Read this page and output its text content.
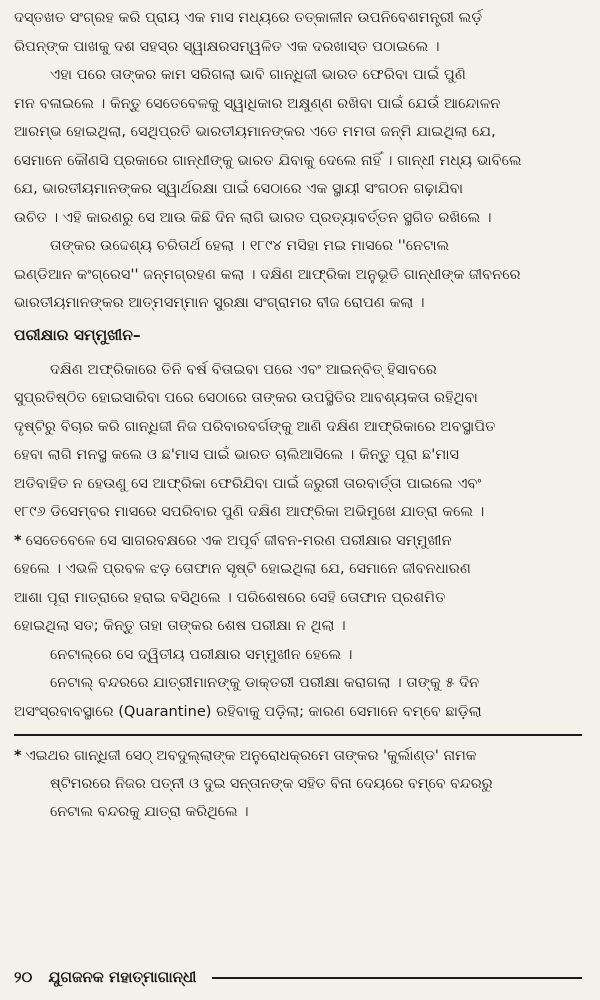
ଦସ୍ତଖତ ସଂଗ୍ରହ କରି ପ୍ରାୟ ଏକ ମାସ ମଧ୍ୟରେ ତତ୍‌କାଳୀନ ଉପନିବେଶମନ୍ତ୍ରୀ ଲର୍ଡ଼
ରିପନ୍‌ଙ୍କ ପାଖକୁ ଦଶ ସହସ୍ର ସ୍ୱାକ୍ଷରସମ୍ୱଳିତ ଏକ ଦରଖାସ୍ତ ପଠାଇଲେ ।
ଏହା ପରେ ତାଙ୍କର କାମ ସରିଗଲା ଭାବି ଗାନ୍ଧିଜୀ ଭାରତ ଫେରିବା ପାଇଁ ପୁଣି
ମନ ବଳାଇଲେ । କିନ୍ତୁ ସେତେବେଳକୁ ସ୍ୱାଧିକାର ଅକ୍ଷୁଣ୍ଣ ରଖିବା ପାଇଁ ଯେଉଁ ଆନ୍ଦୋଳନ
ଆରମ୍ଭ ହୋଇଥିଲା, ସେଥିପ୍ରତି ଭାରତୀୟମାନଙ୍କର ଏତେ ମମତା ଜନ୍ମି ଯାଇଥିଲା ଯେ,
ସେମାନେ କୌଣସି ପ୍ରକାରେ ଗାନ୍ଧୀଙ୍କୁ ଭାରତ ଯିବାକୁ ଦେଲେ ନାହିଁ । ଗାନ୍ଧୀ ମଧ୍ୟ ଭାବିଲେ
ଯେ, ଭାରତୀୟମାନଙ୍କର ସ୍ୱାର୍ଥରକ୍ଷା ପାଇଁ ସେଠାରେ ଏକ ସ୍ଥାୟୀ ସଂଗଠନ ଗଢ଼ାଯିବା
ଉଚିତ । ଏହି କାରଣରୁ ସେ ଆଉ କିଛି ଦିନ ଲାଗି ଭାରତ ପ୍ରତ୍ୟାବର୍ତ୍ତନ ସ୍ଥଗିତ ରଖିଲେ ।
ତାଙ୍କର ଉଦ୍ଦେଶ୍ୟ ଚରିତାର୍ଥ ହେଲା । ୧୮୯୪ ମସିହା ମଇ ମାସରେ ''ନେଟାଲ
ଇଣ୍ଡିଆନ କଂଗ୍ରେସ'' ଜନ୍ମଗ୍ରହଣ କଲା । ଦକ୍ଷିଣ ଆଫ୍ରିକା ଅନୁଭୂତି ଗାନ୍ଧୀଙ୍କ ଜୀବନରେ
ଭାରତୀୟମାନଙ୍କର ଆତ୍ମସମ୍ମାନ ସୁରକ୍ଷା ସଂଗ୍ରାମର ବୀଜ ରୋପଣ କଲା ।
ପରୀକ୍ଷାର ସମ୍ମୁଖୀନ–
ଦକ୍ଷିଣ ଅଫ୍ରିକାରେ ତିନି ବର୍ଷ ବିତାଇବା ପରେ ଏବଂ ଆଇନ୍‌ବିତ୍ ହିସାବରେ
ସୁପ୍ରତିଷ୍ଠିତ ହୋଇସାରିବା ପରେ ସେଠାରେ ତାଙ୍କର ଉପସ୍ଥିତିର ଆବଶ୍ୟକତା ରହିଥିବା
ଦୃଷ୍ଟିରୁ ବିଚାର କରି ଗାନ୍ଧିଜୀ ନିଜ ପରିବାରବର୍ଗଙ୍କୁ ଆଣି ଦକ୍ଷିଣ ଆଫ୍ରିକାରେ ଅବସ୍ଥାପିତ
ହେବା ଲାଗି ମନସ୍ଥ କଲେ ଓ ଛ'ମାସ ପାଇଁ ଭାରତ ଚାଲିଆସିଲେ । କିନ୍ତୁ ପୂରା ଛ'ମାସ
ଅତିବାହିତ ନ ହେଉଣୁ ସେ ଆଫ୍ରିକା ଫେରିଯିବା ପାଇଁ ଜରୁରୀ ତାରବାର୍ତ୍ତା ପାଇଲେ ଏବଂ
୧୮୯୬ ଡିସେମ୍ବର ମାସରେ ସପରିବାର ପୁଣି ଦକ୍ଷିଣ ଆଫ୍ରିକା ଅଭିମୁଖେ ଯାତ୍ରା କଲେ ।
* ସେତେବେଳେ ସେ ସାଗରବକ୍ଷରେ ଏକ ଅପୂର୍ବ ଜୀବନ-ମରଣ ପରୀକ୍ଷାର ସମ୍ମୁଖୀନ
ହେଲେ । ଏଭଳି ପ୍ରବଳ ଝଡ଼ ତୋଫାନ ସୃଷ୍ଟି ହୋଇଥିଲା ଯେ, ସେମାନେ ଜୀବନଧାରଣ
ଆଶା ପୂରା ମାତ୍ରାରେ ହରାଇ ବସିଥିଲେ । ପରିଶେଷରେ ସେହି ତୋଫାନ ପ୍ରଶମିତ
ହୋଇଥିଲା ସତ; କିନ୍ତୁ ତାହା ତାଙ୍କର ଶେଷ ପରୀକ୍ଷା ନ ଥିଲା ।
ନେଟାଲ୍‌ରେ ସେ ଦ୍ୱିତୀୟ ପରୀକ୍ଷାର ସମ୍ମୁଖୀନ ହେଲେ ।
ନେଟାଲ୍ ବନ୍ଦରରେ ଯାତ୍ରୀମାନଙ୍କୁ ଡାକ୍ତରୀ ପରୀକ୍ଷା କରାଗଲା । ତାଙ୍କୁ ୫ ଦିନ
ଅସଂସ୍ରବାବସ୍ଥାରେ (Quarantine) ରହିବାକୁ ପଡ଼ିଲା; କାରଣ ସେମାନେ ବମ୍ବେ ଛାଡ଼ିଲା
* ଏଇଥର ଗାନ୍ଧିଜୀ ସେଠ୍ ଅବଦୁଲ୍ଲାଙ୍କ ଅନୁରୋଧକ୍ରମେ ତାଙ୍କର 'କୁର୍ଲାଣ୍ଡ' ନାମକ
ଷ୍ଟିମରରେ ନିଜର ପତ୍ନୀ ଓ ଦୁଇ ସନ୍ତାନଙ୍କ ସହିତ ବିନା ଦେୟରେ ବମ୍ବେ ବନ୍ଦରରୁ
ନେଟାଲ ବନ୍ଦରକୁ ଯାତ୍ରା କରିଥିଲେ ।
୨୦ ଯୁଗଜନକ ମହାତ୍ମାଗାନ୍ଧୀ
